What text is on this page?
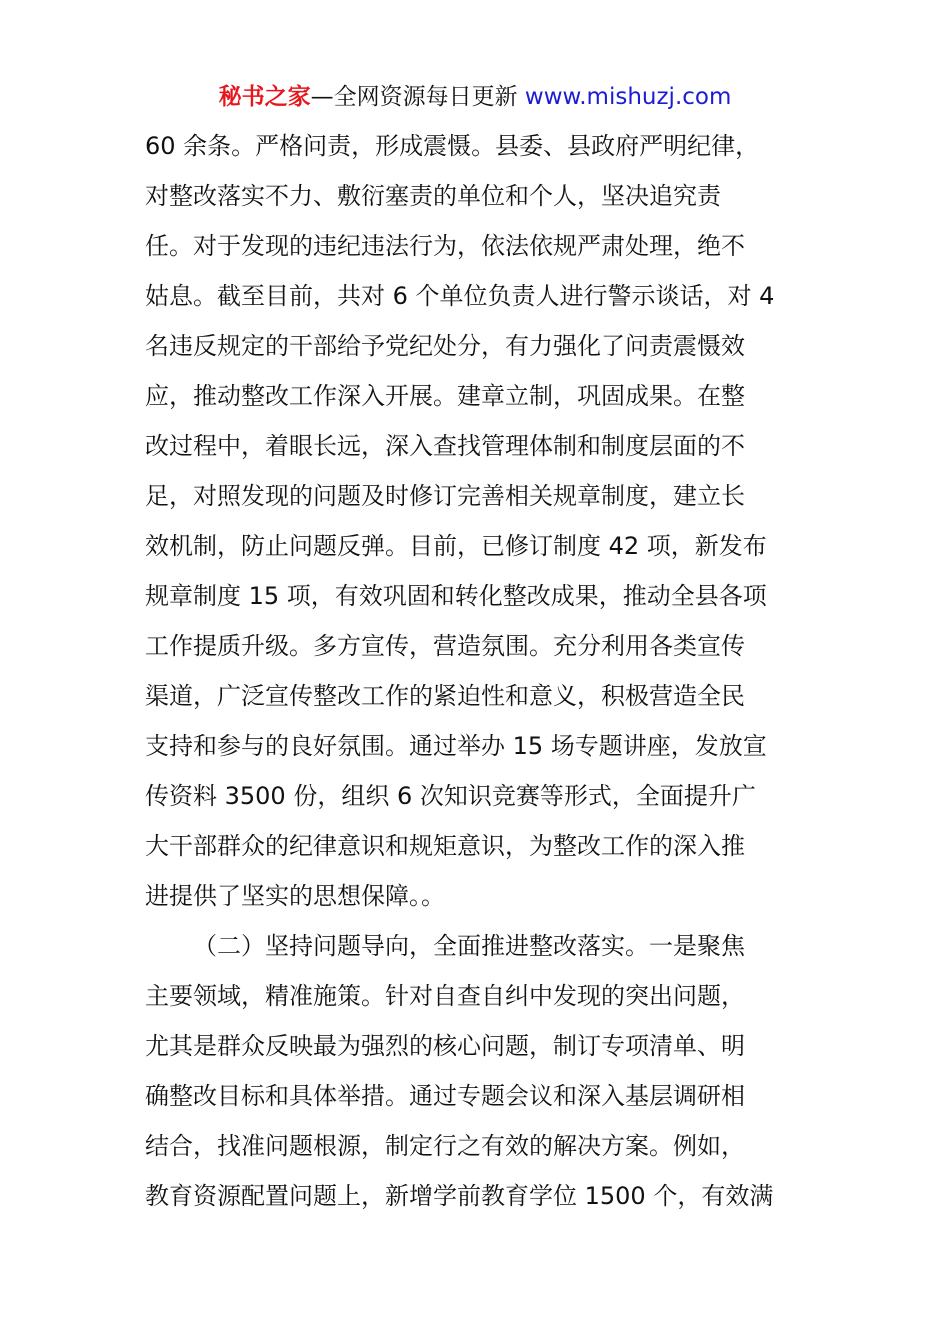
秘书之家—全网资源每日更新 www.mishuzj.com
60 余条。严格问责，形成震慑。县委、县政府严明纪律，
对整改落实不力、敷衍塞责的单位和个人，坚决追究责
任。对于发现的违纪违法行为，依法依规严肃处理，绝不
姑息。截至目前，共对 6 个单位负责人进行警示谈话，对 4
名违反规定的干部给予党纪处分，有力强化了问责震慑效
应，推动整改工作深入开展。建章立制，巩固成果。在整
改过程中，着眼长远，深入查找管理体制和制度层面的不
足，对照发现的问题及时修订完善相关规章制度，建立长
效机制，防止问题反弹。目前，已修订制度 42 项，新发布
规章制度 15 项，有效巩固和转化整改成果，推动全县各项
工作提质升级。多方宣传，营造氛围。充分利用各类宣传
渠道，广泛宣传整改工作的紧迫性和意义，积极营造全民
支持和参与的良好氛围。通过举办 15 场专题讲座，发放宣
传资料 3500 份，组织 6 次知识竞赛等形式，全面提升广
大干部群众的纪律意识和规矩意识，为整改工作的深入推
进提供了坚实的思想保障。。
（二）坚持问题导向，全面推进整改落实。一是聚焦
主要领域，精准施策。针对自查自纠中发现的突出问题，
尤其是群众反映最为强烈的核心问题，制订专项清单、明
确整改目标和具体举措。通过专题会议和深入基层调研相
结合，找准问题根源，制定行之有效的解决方案。例如，
教育资源配置问题上，新增学前教育学位 1500 个，有效满
